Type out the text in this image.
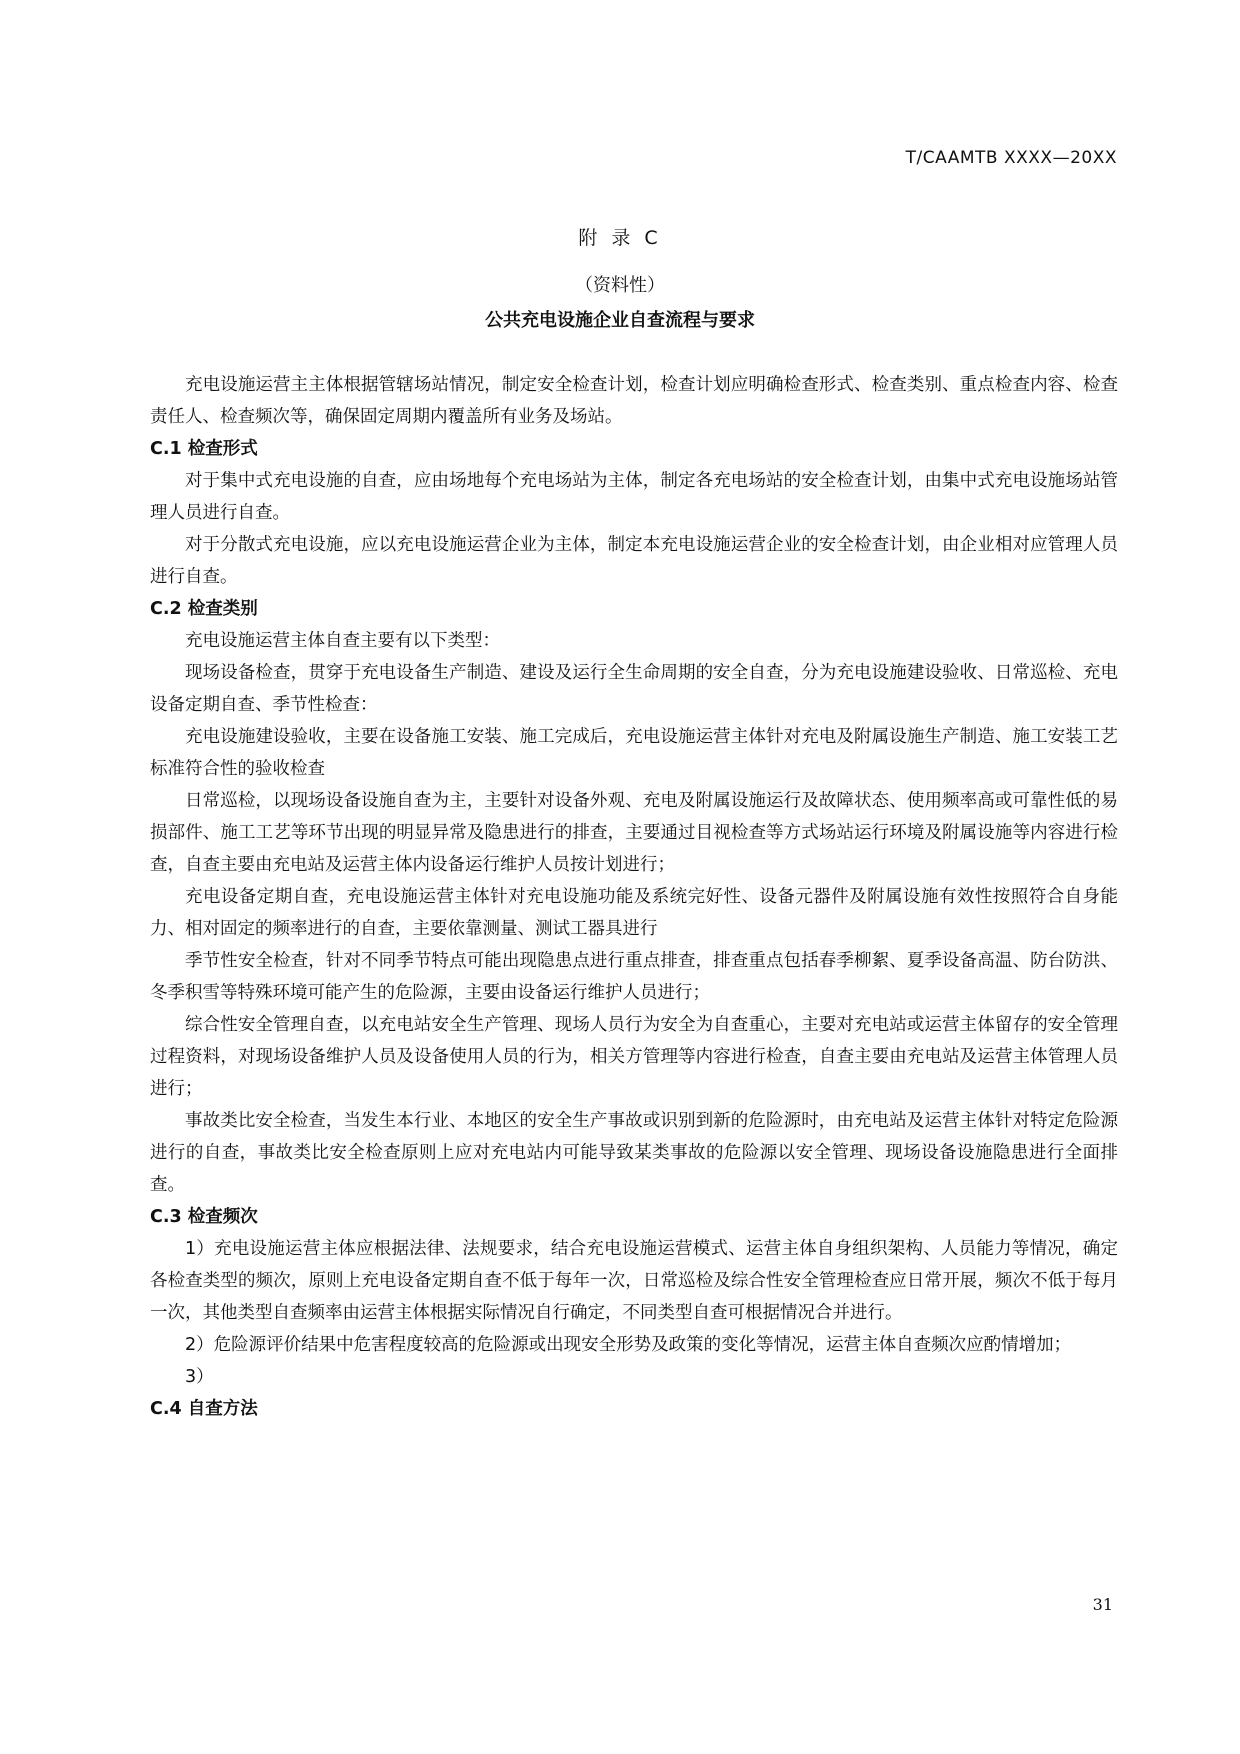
T/CAAMTB XXXX—20XX
附 录 C
（资料性）
公共充电设施企业自查流程与要求

充电设施运营主主体根据管辖场站情况，制定安全检查计划，检查计划应明确检查形式、检查类别、重点检查内容、检查责任人、检查频次等，确保固定周期内覆盖所有业务及场站。

C.1 检查形式

对于集中式充电设施的自查，应由场地每个充电场站为主体，制定各充电场站的安全检查计划，由集中式充电设施场站管理人员进行自查。

对于分散式充电设施，应以充电设施运营企业为主体，制定本充电设施运营企业的安全检查计划，由企业相对应管理人员进行自查。

C.2 检查类别

充电设施运营主体自查主要有以下类型：

现场设备检查，贯穿于充电设备生产制造、建设及运行全生命周期的安全自查，分为充电设施建设验收、日常巡检、充电设备定期自查、季节性检查：

充电设施建设验收，主要在设备施工安装、施工完成后，充电设施运营主体针对充电及附属设施生产制造、施工安装工艺标准符合性的验收检查

日常巡检，以现场设备设施自查为主，主要针对设备外观、充电及附属设施运行及故障状态、使用频率高或可靠性低的易损部件、施工工艺等环节出现的明显异常及隐患进行的排查，主要通过目视检查等方式场站运行环境及附属设施等内容进行检查，自查主要由充电站及运营主体内设备运行维护人员按计划进行；

充电设备定期自查，充电设施运营主体针对充电设施功能及系统完好性、设备元器件及附属设施有效性按照符合自身能力、相对固定的频率进行的自查，主要依靠测量、测试工器具进行

季节性安全检查，针对不同季节特点可能出现隐患点进行重点排查，排查重点包括春季柳絮、夏季设备高温、防台防洪、冬季积雪等特殊环境可能产生的危险源，主要由设备运行维护人员进行；

综合性安全管理自查，以充电站安全生产管理、现场人员行为安全为自查重心，主要对充电站或运营主体留存的安全管理过程资料，对现场设备维护人员及设备使用人员的行为，相关方管理等内容进行检查，自查主要由充电站及运营主体管理人员进行；

事故类比安全检查，当发生本行业、本地区的安全生产事故或识别到新的危险源时，由充电站及运营主体针对特定危险源进行的自查，事故类比安全检查原则上应对充电站内可能导致某类事故的危险源以安全管理、现场设备设施隐患进行全面排查。

C.3 检查频次

1）充电设施运营主体应根据法律、法规要求，结合充电设施运营模式、运营主体自身组织架构、人员能力等情况，确定各检查类型的频次，原则上充电设备定期自查不低于每年一次，日常巡检及综合性安全管理检查应日常开展，频次不低于每月一次，其他类型自查频率由运营主体根据实际情况自行确定，不同类型自查可根据情况合并进行。

2）危险源评价结果中危害程度较高的危险源或出现安全形势及政策的变化等情况，运营主体自查频次应酌情增加；

3）

C.4 自查方法

31
